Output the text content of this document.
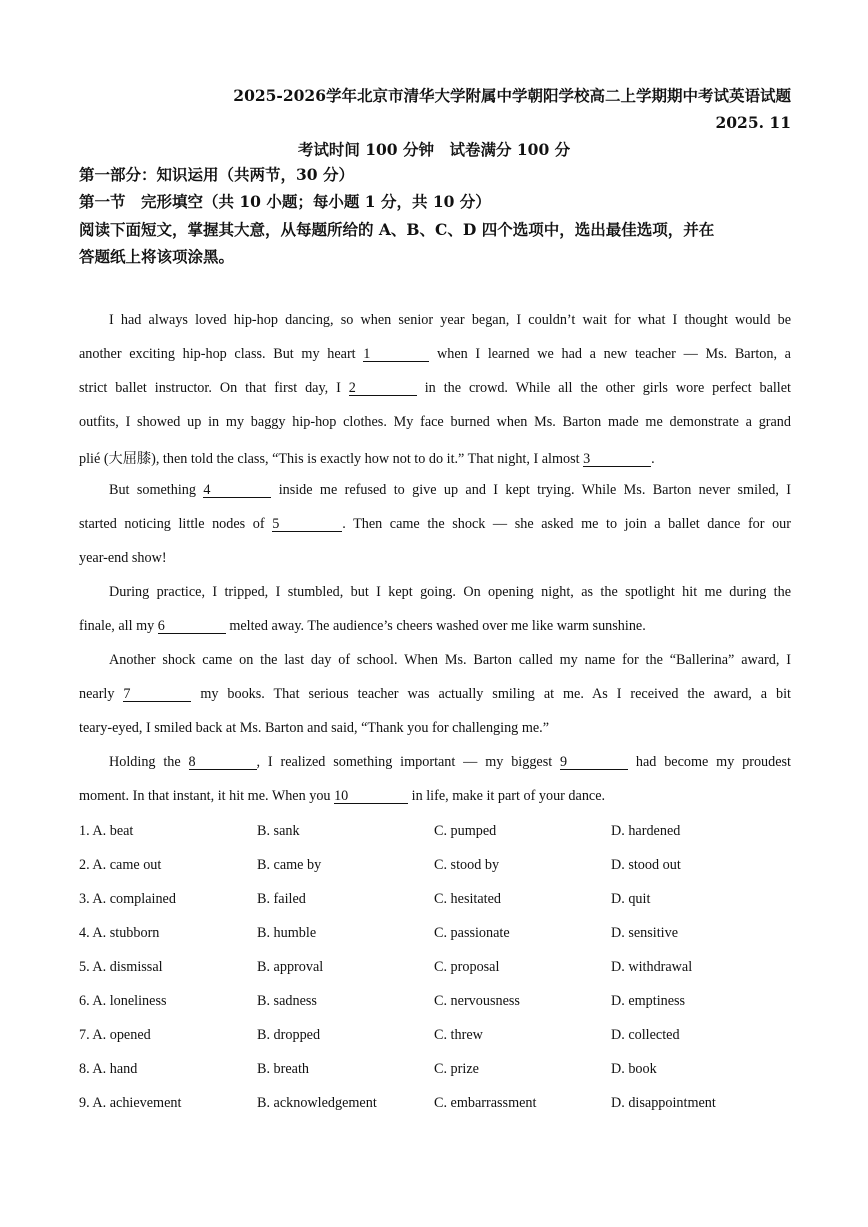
2025-2026学年北京市清华大学附属中学朝阳学校高二上学期期中考试英语试题
2025. 11
考试时间 100 分钟　试卷满分 100 分
第一部分：知识运用（共两节，30 分）
第一节　完形填空（共 10 小题；每小题 1 分，共 10 分）
阅读下面短文，掌握其大意，从每题所给的 A、B、C、D 四个选项中，选出最佳选项，并在
答题纸上将该项涂黑。
I had always loved hip-hop dancing, so when senior year began, I couldn’t wait for what I thought would be
another exciting hip-hop class. But my heart 1	when I learned we had a new teacher — Ms. Barton, a
strict ballet instructor. On that first day, I 2	in the crowd. While all the other girls wore perfect ballet
outfits, I showed up in my baggy hip-hop clothes. My face burned when Ms. Barton made me demonstrate a grand
plié (大屈膝), then told the class, “This is exactly how not to do it.” That night, I almost 3	.
But something 4	inside me refused to give up and I kept trying. While Ms. Barton never smiled, I
started noticing little nodes of 5	. Then came the shock — she asked me to join a ballet dance for our
year-end show!
During practice, I tripped, I stumbled, but I kept going. On opening night, as the spotlight hit me during the
finale, all my 6	melted away. The audience’s cheers washed over me like warm sunshine.
Another shock came on the last day of school. When Ms. Barton called my name for the “Ballerina” award, I
nearly 7	my books. That serious teacher was actually smiling at me. As I received the award, a bit
teary-eyed, I smiled back at Ms. Barton and said, “Thank you for challenging me.”
Holding the 8	, I realized something important — my biggest 9	had become my proudest
moment. In that instant, it hit me. When you 10	in life, make it part of your dance.
1. A. beat	B. sank	C. pumped	D. hardened
2. A. came out	B. came by	C. stood by	D. stood out
3. A. complained	B. failed	C. hesitated	D. quit
4. A. stubborn	B. humble	C. passionate	D. sensitive
5. A. dismissal	B. approval	C. proposal	D. withdrawal
6. A. loneliness	B. sadness	C. nervousness	D. emptiness
7. A. opened	B. dropped	C. threw	D. collected
8. A. hand	B. breath	C. prize	D. book
9. A. achievement	B. acknowledgement	C. embarrassment	D. disappointment
